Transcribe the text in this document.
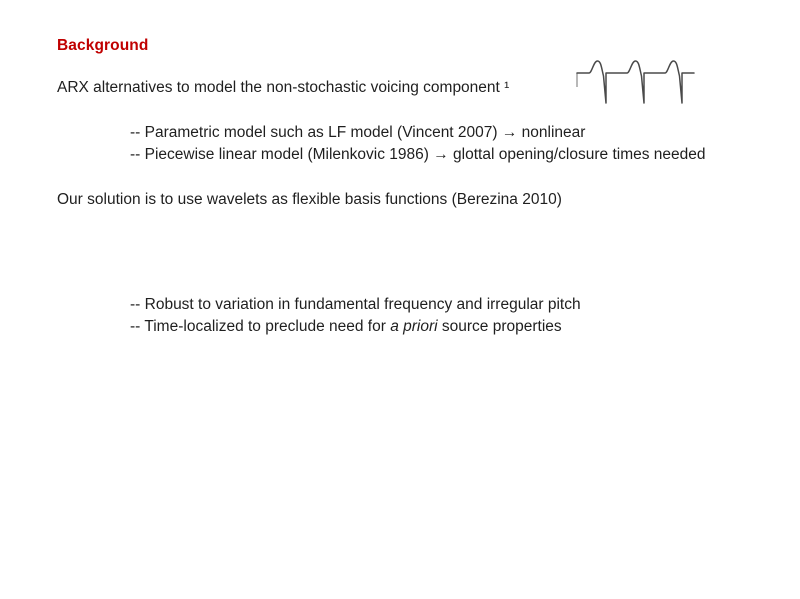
Background

ARX alternatives to model the non-stochastic voicing component ¹

-- Parametric model such as LF model (Vincent 2007) → nonlinear
-- Piecewise linear model (Milenkovic 1986) → glottal opening/closure times needed

Our solution is to use wavelets as flexible basis functions (Berezina 2010)

-- Robust to variation in fundamental frequency and irregular pitch
-- Time-localized to preclude need for a priori source properties
